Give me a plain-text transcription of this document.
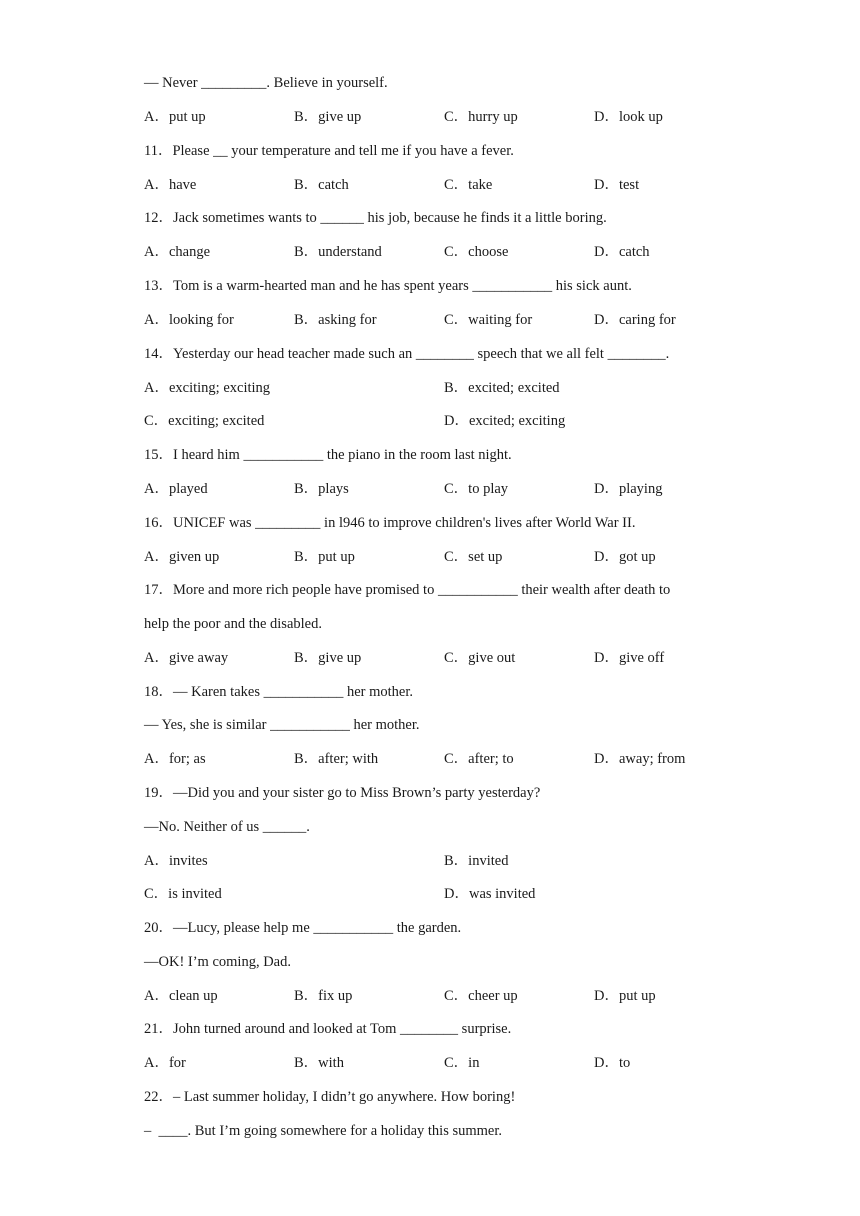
— Never _________. Believe in yourself.
A．put up	B．give up	C．hurry up	D．look up
11．Please __ your temperature and tell me if you have a fever.
A．have	B．catch	C．take	D．test
12．Jack sometimes wants to ______ his job, because he finds it a little boring.
A．change	B．understand	C．choose	D．catch
13．Tom is a warm-hearted man and he has spent years ___________ his sick aunt.
A．looking for	B．asking for	C．waiting for	D．caring for
14．Yesterday our head teacher made such an ________ speech that we all felt ________.
A．exciting; exciting	B．excited; excited
C．exciting; excited	D．excited; exciting
15．I heard him ___________ the piano in the room last night.
A．played	B．plays	C．to play	D．playing
16．UNICEF was _________ in l946 to improve children's lives after World War II.
A．given up	B．put up	C．set up	D．got up
17．More and more rich people have promised to ___________ their wealth after death to
help the poor and the disabled.
A．give away	B．give up	C．give out	D．give off
18．— Karen takes ___________ her mother.
— Yes, she is similar ___________ her mother.
A．for; as	B．after; with	C．after; to	D．away; from
19．—Did you and your sister go to Miss Brown’s party yesterday?
—No. Neither of us ______.
A．invites	B．invited
C．is invited	D．was invited
20．—Lucy, please help me ___________ the garden.
—OK! I’m coming, Dad.
A．clean up	B．fix up	C．cheer up	D．put up
21．John turned around and looked at Tom ________ surprise.
A．for	B．with	C．in	D．to
22．– Last summer holiday, I didn’t go anywhere. How boring!
–  ____. But I’m going somewhere for a holiday this summer.
